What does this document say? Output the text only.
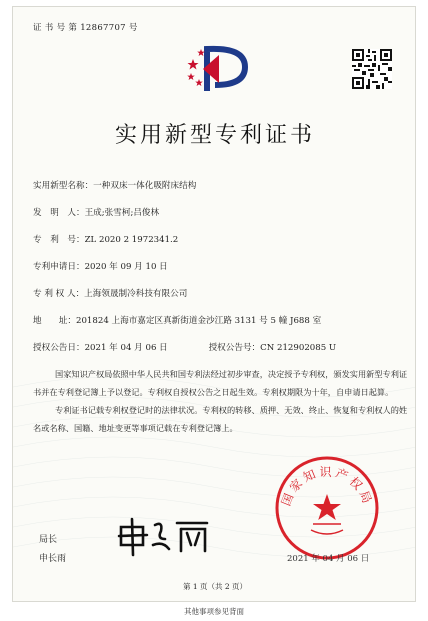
证 书 号 第 12867707 号
实用新型专利证书
实用新型名称：一种双床一体化吸附床结构
发　明　人：王成;张雪柯;吕俊林
专　利　号：ZL 2020 2 1972341.2
专利申请日：2020 年 09 月 10 日
专 利 权 人：上海领晟制冷科技有限公司
地　　址：201824 上海市嘉定区真新街道金沙江路 3131 号 5 幢 J688 室
授权公告日：2021 年 04 月 06 日	授权公告号：CN 212902085 U

国家知识产权局依照中华人民共和国专利法经过初步审查，决定授予专利权，颁发实用新型专利证书并在专利登记簿上予以登记。专利权自授权公告之日起生效。专利权期限为十年，自申请日起算。

专利证书记载专利权登记时的法律状况。专利权的转移、质押、无效、终止、恢复和专利权人的姓名或名称、国籍、地址变更等事项记载在专利登记簿上。

局长
申长雨
国家知识产权局
2021 年 04 月 06 日
第 1 页（共 2 页）
其他事项参见背面
